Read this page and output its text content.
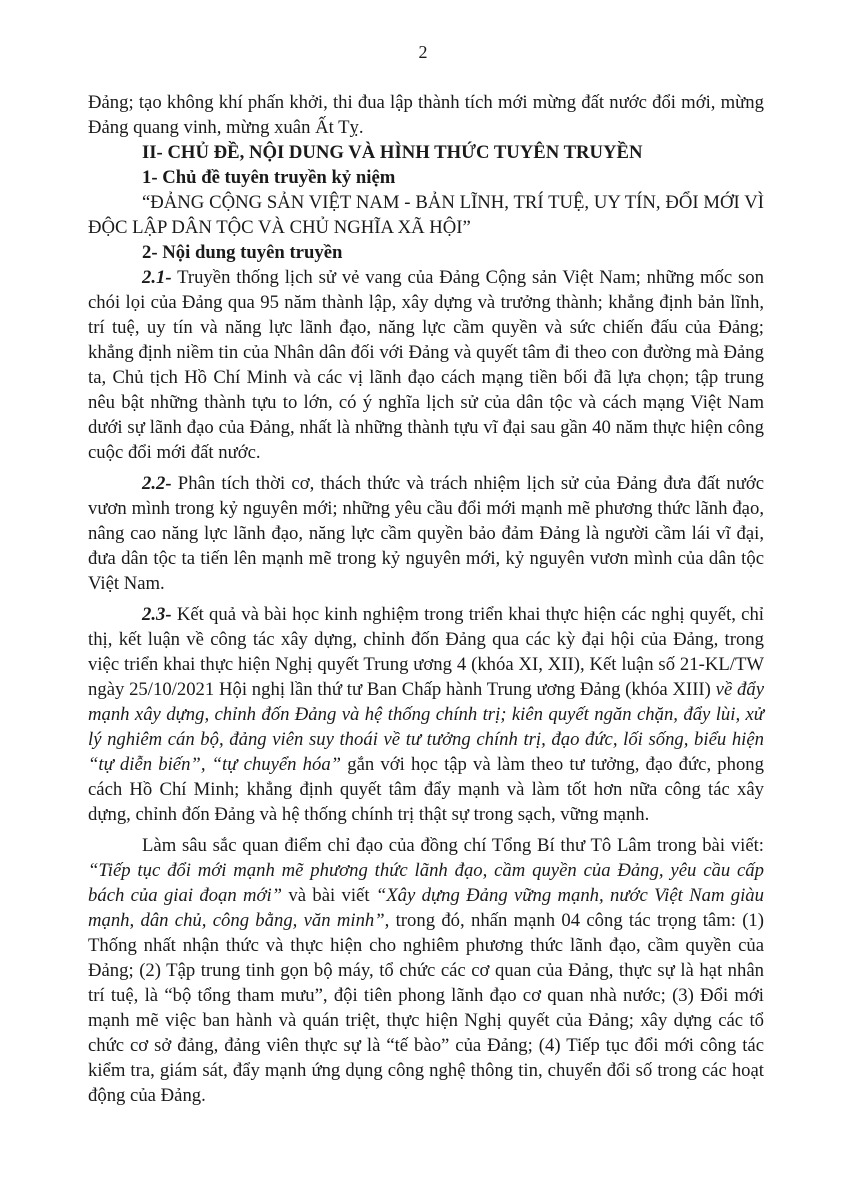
2

Đảng; tạo không khí phấn khởi, thi đua lập thành tích mới mừng đất nước đổi mới, mừng Đảng quang vinh, mừng xuân Ất Tỵ.

II- CHỦ ĐỀ, NỘI DUNG VÀ HÌNH THỨC TUYÊN TRUYỀN

1- Chủ đề tuyên truyền kỷ niệm

“ĐẢNG CỘNG SẢN VIỆT NAM - BẢN LĨNH, TRÍ TUỆ, UY TÍN, ĐỔI MỚI VÌ ĐỘC LẬP DÂN TỘC VÀ CHỦ NGHĨA XÃ HỘI”

2- Nội dung tuyên truyền

2.1- Truyền thống lịch sử vẻ vang của Đảng Cộng sản Việt Nam; những mốc son chói lọi của Đảng qua 95 năm thành lập, xây dựng và trưởng thành; khẳng định bản lĩnh, trí tuệ, uy tín và năng lực lãnh đạo, năng lực cầm quyền và sức chiến đấu của Đảng; khẳng định niềm tin của Nhân dân đối với Đảng và quyết tâm đi theo con đường mà Đảng ta, Chủ tịch Hồ Chí Minh và các vị lãnh đạo cách mạng tiền bối đã lựa chọn; tập trung nêu bật những thành tựu to lớn, có ý nghĩa lịch sử của dân tộc và cách mạng Việt Nam dưới sự lãnh đạo của Đảng, nhất là những thành tựu vĩ đại sau gần 40 năm thực hiện công cuộc đổi mới đất nước.

2.2- Phân tích thời cơ, thách thức và trách nhiệm lịch sử của Đảng đưa đất nước vươn mình trong kỷ nguyên mới; những yêu cầu đổi mới mạnh mẽ phương thức lãnh đạo, nâng cao năng lực lãnh đạo, năng lực cầm quyền bảo đảm Đảng là người cầm lái vĩ đại, đưa dân tộc ta tiến lên mạnh mẽ trong kỷ nguyên mới, kỷ nguyên vươn mình của dân tộc Việt Nam.

2.3- Kết quả và bài học kinh nghiệm trong triển khai thực hiện các nghị quyết, chỉ thị, kết luận về công tác xây dựng, chỉnh đốn Đảng qua các kỳ đại hội của Đảng, trong việc triển khai thực hiện Nghị quyết Trung ương 4 (khóa XI, XII), Kết luận số 21-KL/TW ngày 25/10/2021 Hội nghị lần thứ tư Ban Chấp hành Trung ương Đảng (khóa XIII) về đẩy mạnh xây dựng, chỉnh đốn Đảng và hệ thống chính trị; kiên quyết ngăn chặn, đẩy lùi, xử lý nghiêm cán bộ, đảng viên suy thoái về tư tưởng chính trị, đạo đức, lối sống, biểu hiện “tự diễn biến”, “tự chuyển hóa” gắn với học tập và làm theo tư tưởng, đạo đức, phong cách Hồ Chí Minh; khẳng định quyết tâm đẩy mạnh và làm tốt hơn nữa công tác xây dựng, chỉnh đốn Đảng và hệ thống chính trị thật sự trong sạch, vững mạnh.

Làm sâu sắc quan điểm chỉ đạo của đồng chí Tổng Bí thư Tô Lâm trong bài viết: “Tiếp tục đổi mới mạnh mẽ phương thức lãnh đạo, cầm quyền của Đảng, yêu cầu cấp bách của giai đoạn mới” và bài viết “Xây dựng Đảng vững mạnh, nước Việt Nam giàu mạnh, dân chủ, công bằng, văn minh”, trong đó, nhấn mạnh 04 công tác trọng tâm: (1) Thống nhất nhận thức và thực hiện cho nghiêm phương thức lãnh đạo, cầm quyền của Đảng; (2) Tập trung tinh gọn bộ máy, tổ chức các cơ quan của Đảng, thực sự là hạt nhân trí tuệ, là “bộ tổng tham mưu”, đội tiên phong lãnh đạo cơ quan nhà nước; (3) Đổi mới mạnh mẽ việc ban hành và quán triệt, thực hiện Nghị quyết của Đảng; xây dựng các tổ chức cơ sở đảng, đảng viên thực sự là “tế bào” của Đảng; (4) Tiếp tục đổi mới công tác kiểm tra, giám sát, đẩy mạnh ứng dụng công nghệ thông tin, chuyển đổi số trong các hoạt động của Đảng.
